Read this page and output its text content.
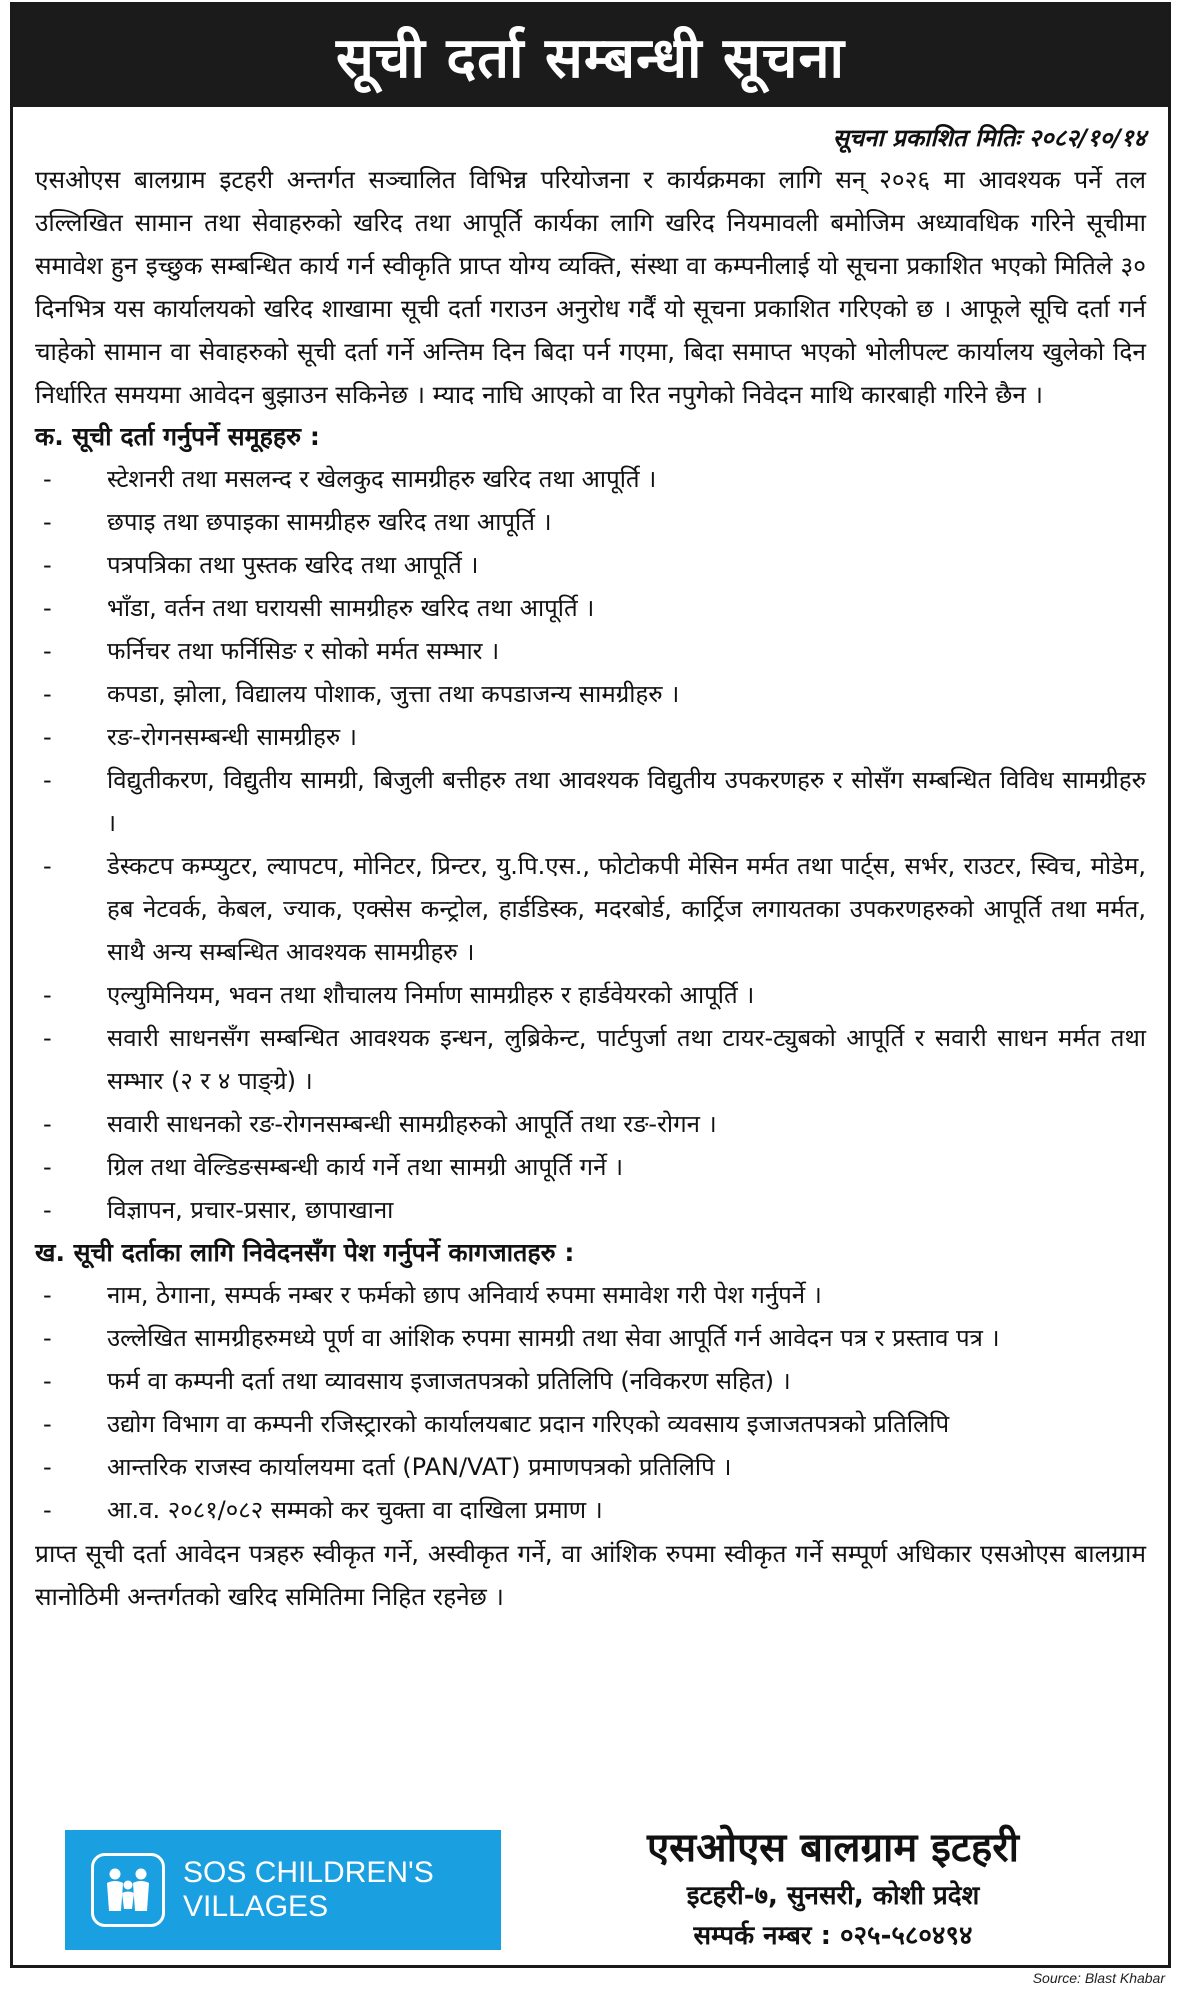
सूची दर्ता सम्बन्धी सूचना
सूचना प्रकाशित मितिः २०८२/१०/१४

एसओएस बालग्राम इटहरी अन्तर्गत सञ्चालित विभिन्न परियोजना र कार्यक्रमका लागि सन् २०२६ मा आवश्यक पर्ने तल उल्लिखित सामान तथा सेवाहरुको खरिद तथा आपूर्ति कार्यका लागि खरिद नियमावली बमोजिम अध्यावधिक गरिने सूचीमा समावेश हुन इच्छुक सम्बन्धित कार्य गर्न स्वीकृति प्राप्त योग्य व्यक्ति, संस्था वा कम्पनीलाई यो सूचना प्रकाशित भएको मितिले ३० दिनभित्र यस कार्यालयको खरिद शाखामा सूची दर्ता गराउन अनुरोध गर्दैं यो सूचना प्रकाशित गरिएको छ । आफूले सूचि दर्ता गर्न चाहेको सामान वा सेवाहरुको सूची दर्ता गर्ने अन्तिम दिन बिदा पर्न गएमा, बिदा समाप्त भएको भोलीपल्ट कार्यालय खुलेको दिन निर्धारित समयमा आवेदन बुझाउन सकिनेछ । म्याद नाघि आएको वा रित नपुगेको निवेदन माथि कारबाही गरिने छैन ।

क. सूची दर्ता गर्नुपर्ने समूहहरु :
-	स्टेशनरी तथा मसलन्द र खेलकुद सामग्रीहरु खरिद तथा आपूर्ति ।
-	छपाइ तथा छपाइका सामग्रीहरु खरिद तथा आपूर्ति ।
-	पत्रपत्रिका तथा पुस्तक खरिद तथा आपूर्ति ।
-	भाँडा, वर्तन तथा घरायसी सामग्रीहरु खरिद तथा आपूर्ति ।
-	फर्निचर तथा फर्निसिङ र सोको मर्मत सम्भार ।
-	कपडा, झोला, विद्यालय पोशाक, जुत्ता तथा कपडाजन्य सामग्रीहरु ।
-	रङ-रोगनसम्बन्धी सामग्रीहरु ।
-	विद्युतीकरण, विद्युतीय सामग्री, बिजुली बत्तीहरु तथा आवश्यक विद्युतीय उपकरणहरु र सोसँग सम्बन्धित विविध सामग्रीहरु ।
-	डेस्कटप कम्प्युटर, ल्यापटप, मोनिटर, प्रिन्टर, यु.पि.एस., फोटोकपी मेसिन मर्मत तथा पार्ट्स, सर्भर, राउटर, स्विच, मोडेम, हब नेटवर्क, केबल, ज्याक, एक्सेस कन्ट्रोल, हार्डडिस्क, मदरबोर्ड, कार्ट्रिज लगायतका उपकरणहरुको आपूर्ति तथा मर्मत, साथै अन्य सम्बन्धित आवश्यक सामग्रीहरु ।
-	एल्युमिनियम, भवन तथा शौचालय निर्माण सामग्रीहरु र हार्डवेयरको आपूर्ति ।
-	सवारी साधनसँग सम्बन्धित आवश्यक इन्धन, लुब्रिकेन्ट, पार्टपुर्जा तथा टायर-ट्युबको आपूर्ति र सवारी साधन मर्मत तथा सम्भार (२ र ४ पाङ्ग्रे) ।
-	सवारी साधनको रङ-रोगनसम्बन्धी सामग्रीहरुको आपूर्ति तथा रङ-रोगन ।
-	ग्रिल तथा वेल्डिङसम्बन्धी कार्य गर्ने तथा सामग्री आपूर्ति गर्ने ।
-	विज्ञापन, प्रचार-प्रसार, छापाखाना
ख. सूची दर्ताका लागि निवेदनसँग पेश गर्नुपर्ने कागजातहरु :
-	नाम, ठेगाना, सम्पर्क नम्बर र फर्मको छाप अनिवार्य रुपमा समावेश गरी पेश गर्नुपर्ने ।
-	उल्लेखित सामग्रीहरुमध्ये पूर्ण वा आंशिक रुपमा सामग्री तथा सेवा आपूर्ति गर्न आवेदन पत्र र प्रस्ताव पत्र ।
-	फर्म वा कम्पनी दर्ता तथा व्यावसाय इजाजतपत्रको प्रतिलिपि (नविकरण सहित) ।
-	उद्योग विभाग वा कम्पनी रजिस्ट्रारको कार्यालयबाट प्रदान गरिएको व्यवसाय इजाजतपत्रको प्रतिलिपि
-	आन्तरिक राजस्व कार्यालयमा दर्ता (PAN/VAT) प्रमाणपत्रको प्रतिलिपि ।
-	आ.व. २०८१/०८२ सम्मको कर चुक्ता वा दाखिला प्रमाण ।

प्राप्त सूची दर्ता आवेदन पत्रहरु स्वीकृत गर्ने, अस्वीकृत गर्ने, वा आंशिक रुपमा स्वीकृत गर्ने सम्पूर्ण अधिकार एसओएस बालग्राम सानोठिमी अन्तर्गतको खरिद समितिमा निहित रहनेछ ।

SOS CHILDREN'S
VILLAGES
एसओएस बालग्राम इटहरी
इटहरी-७, सुनसरी, कोशी प्रदेश
सम्पर्क नम्बर : ०२५-५८०४९४
Source: Blast Khabar
